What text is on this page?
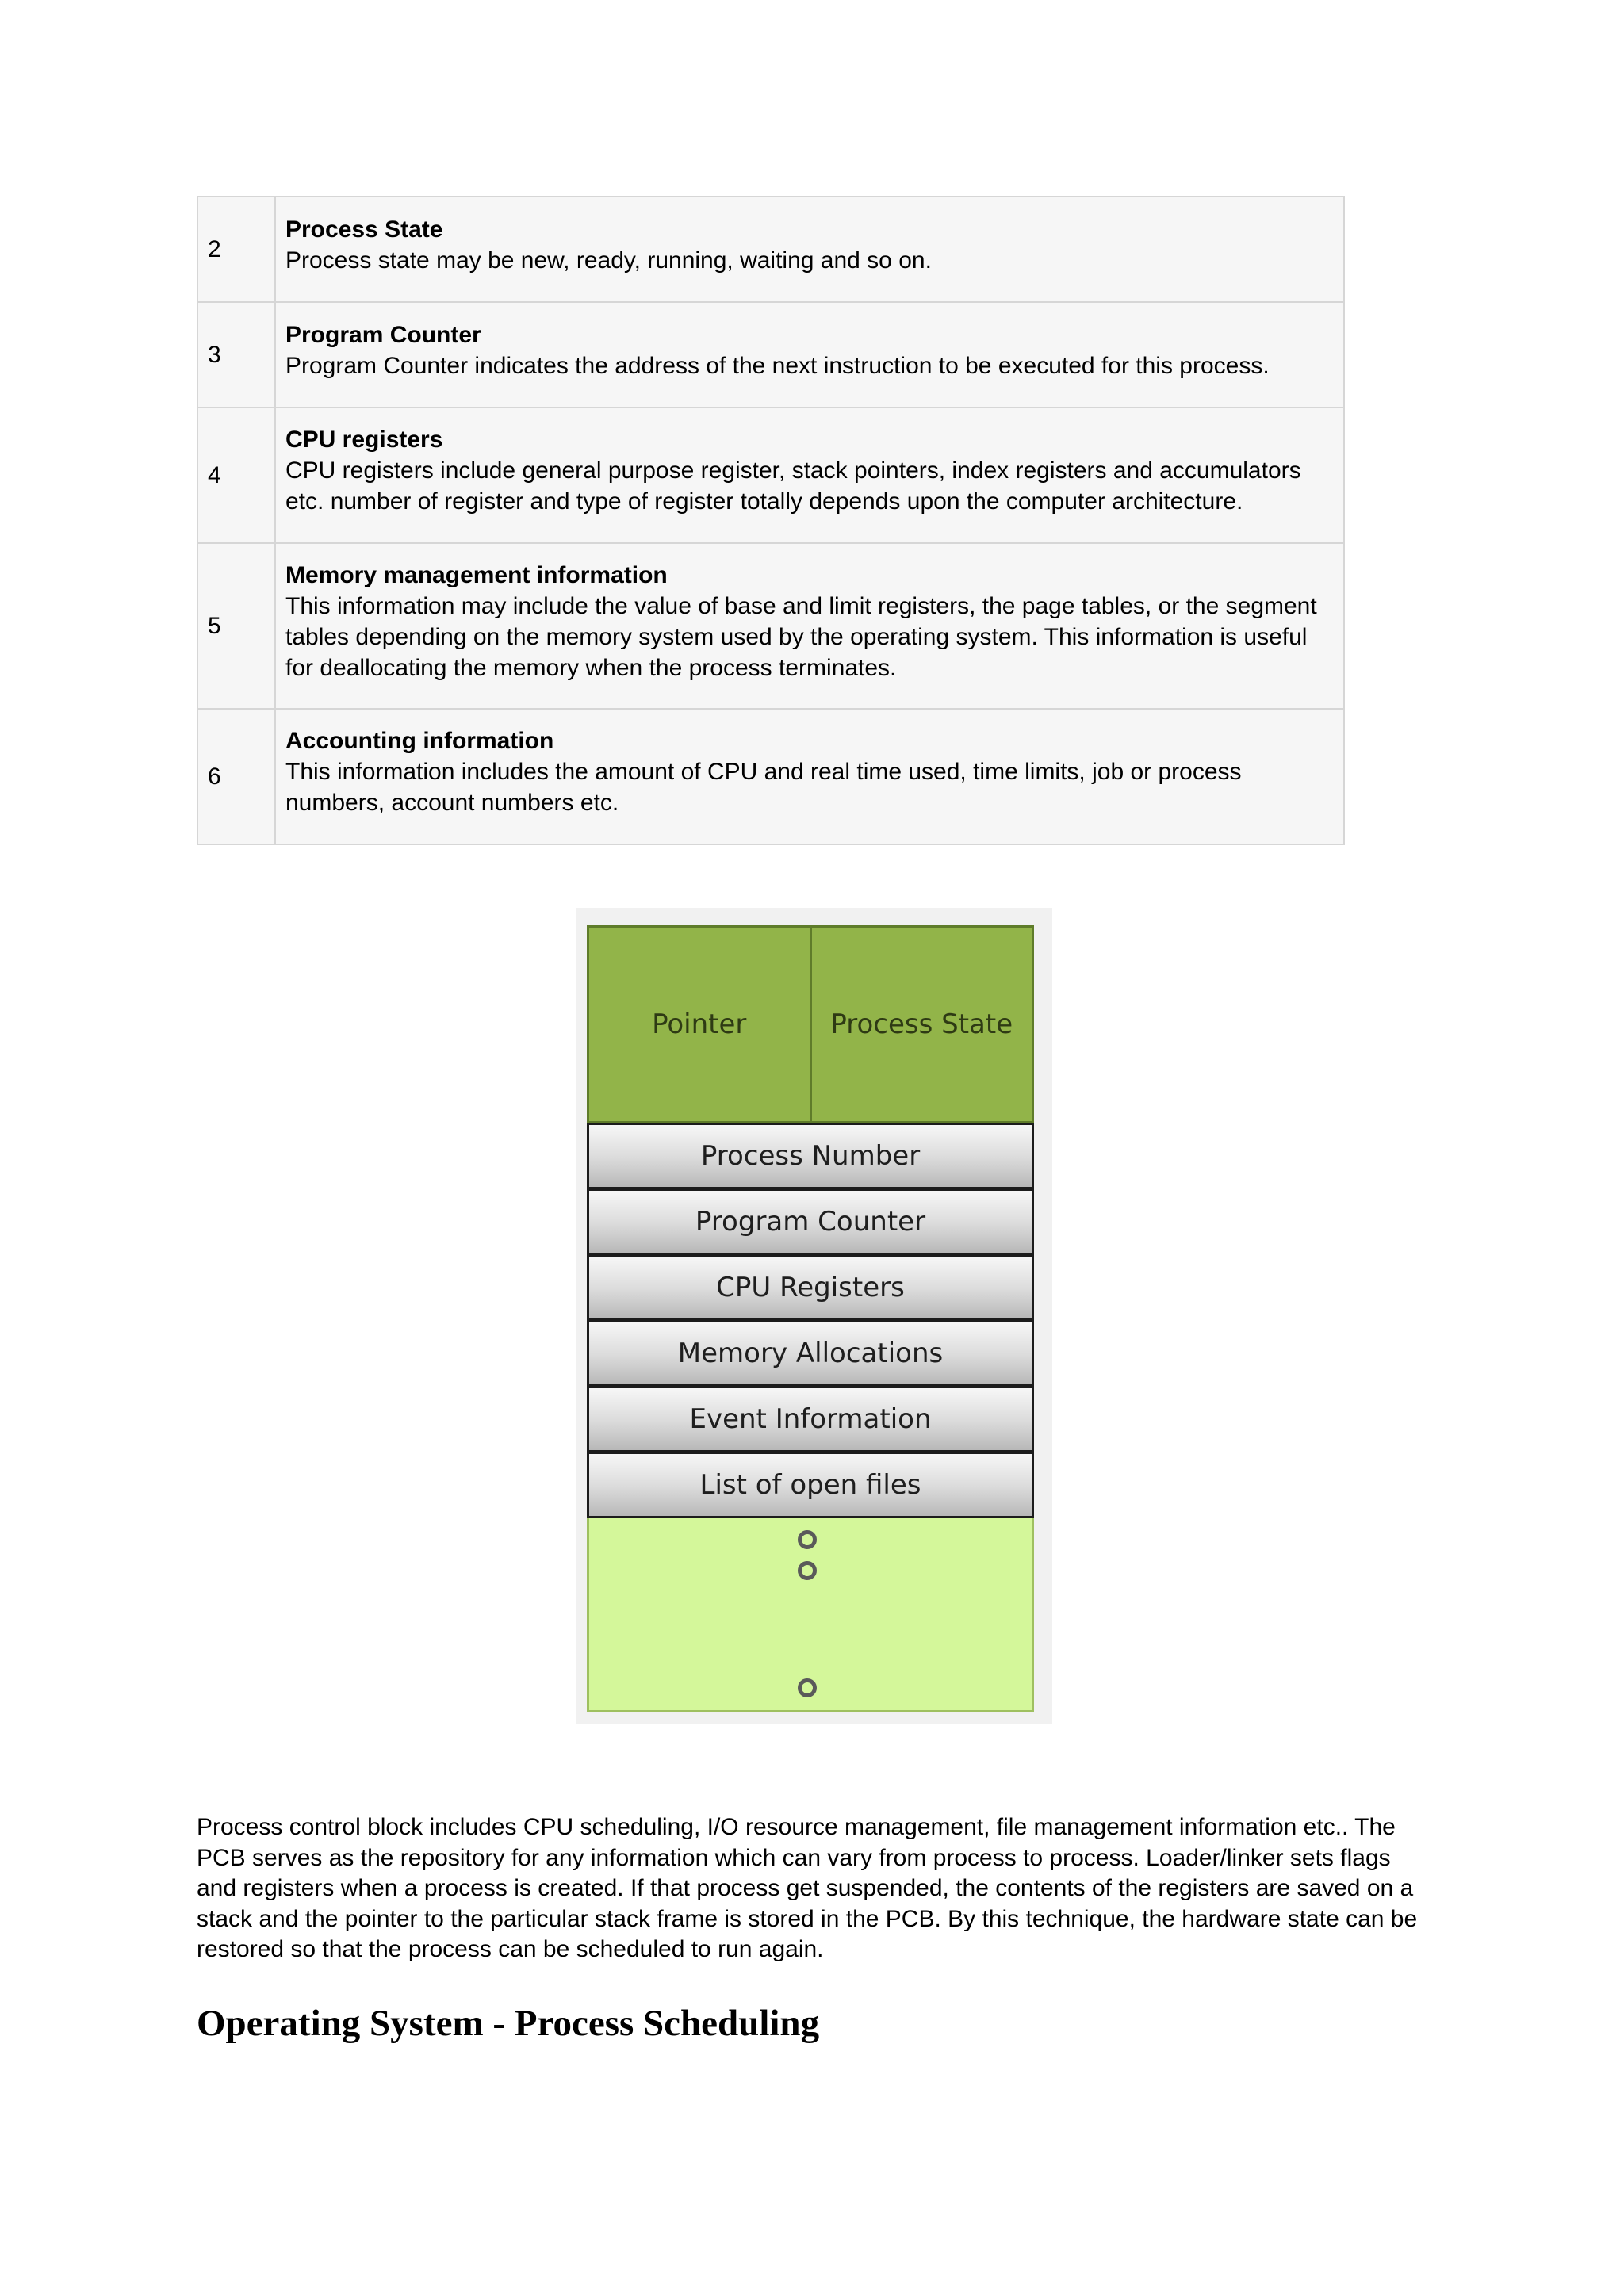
2	Process State
Process state may be new, ready, running, waiting and so on.

3	Program Counter
Program Counter indicates the address of the next instruction to be executed for this process.

4	CPU registers
CPU registers include general purpose register, stack pointers, index registers and accumulators etc. number of register and type of register totally depends upon the computer architecture.

5	Memory management information
This information may include the value of base and limit registers, the page tables, or the segment tables depending on the memory system used by the operating system. This information is useful for deallocating the memory when the process terminates.

6	Accounting information
This information includes the amount of CPU and real time used, time limits, job or process numbers, account numbers etc.
Pointer	Process State
Process Number
Program Counter
CPU Registers
Memory Allocations
Event Information
List of open files

Process control block includes CPU scheduling, I/O resource management, file management information etc.. The PCB serves as the repository for any information which can vary from process to process. Loader/linker sets flags and registers when a process is created. If that process get suspended, the contents of the registers are saved on a stack and the pointer to the particular stack frame is stored in the PCB. By this technique, the hardware state can be restored so that the process can be scheduled to run again.

Operating System - Process Scheduling
